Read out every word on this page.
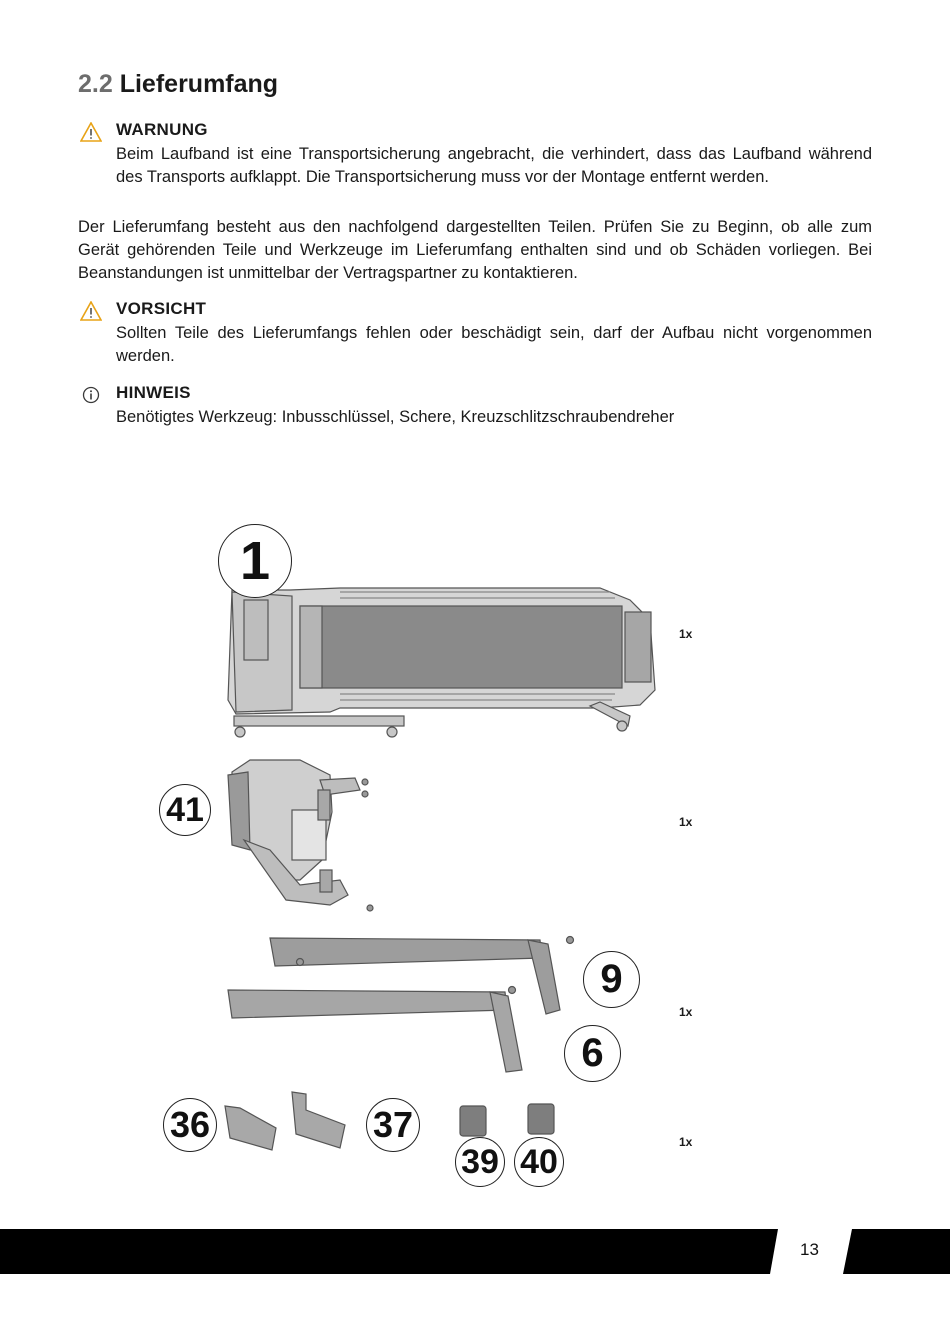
2.2 Lieferumfang
WARNUNG
Beim Laufband ist eine Transportsicherung angebracht, die verhindert, dass das Laufband während des Transports aufklappt. Die Transportsicherung muss vor der Montage entfernt werden.
Der Lieferumfang besteht aus den nachfolgend dargestellten Teilen. Prüfen Sie zu Beginn, ob alle zum Gerät gehörenden Teile und Werkzeuge im Lieferumfang enthalten sind und ob Schäden vorliegen. Bei Beanstandungen ist unmittelbar der Vertragspartner zu kontaktieren.
VORSICHT
Sollten Teile des Lieferumfangs fehlen oder beschädigt sein, darf der Aufbau nicht vorgenommen werden.
HINWEIS
Benötigtes Werkzeug: Inbusschlüssel, Schere, Kreuzschlitzschraubendreher
1
41
9
6
36	37
39 40
1x
1x
1x
1x
13
